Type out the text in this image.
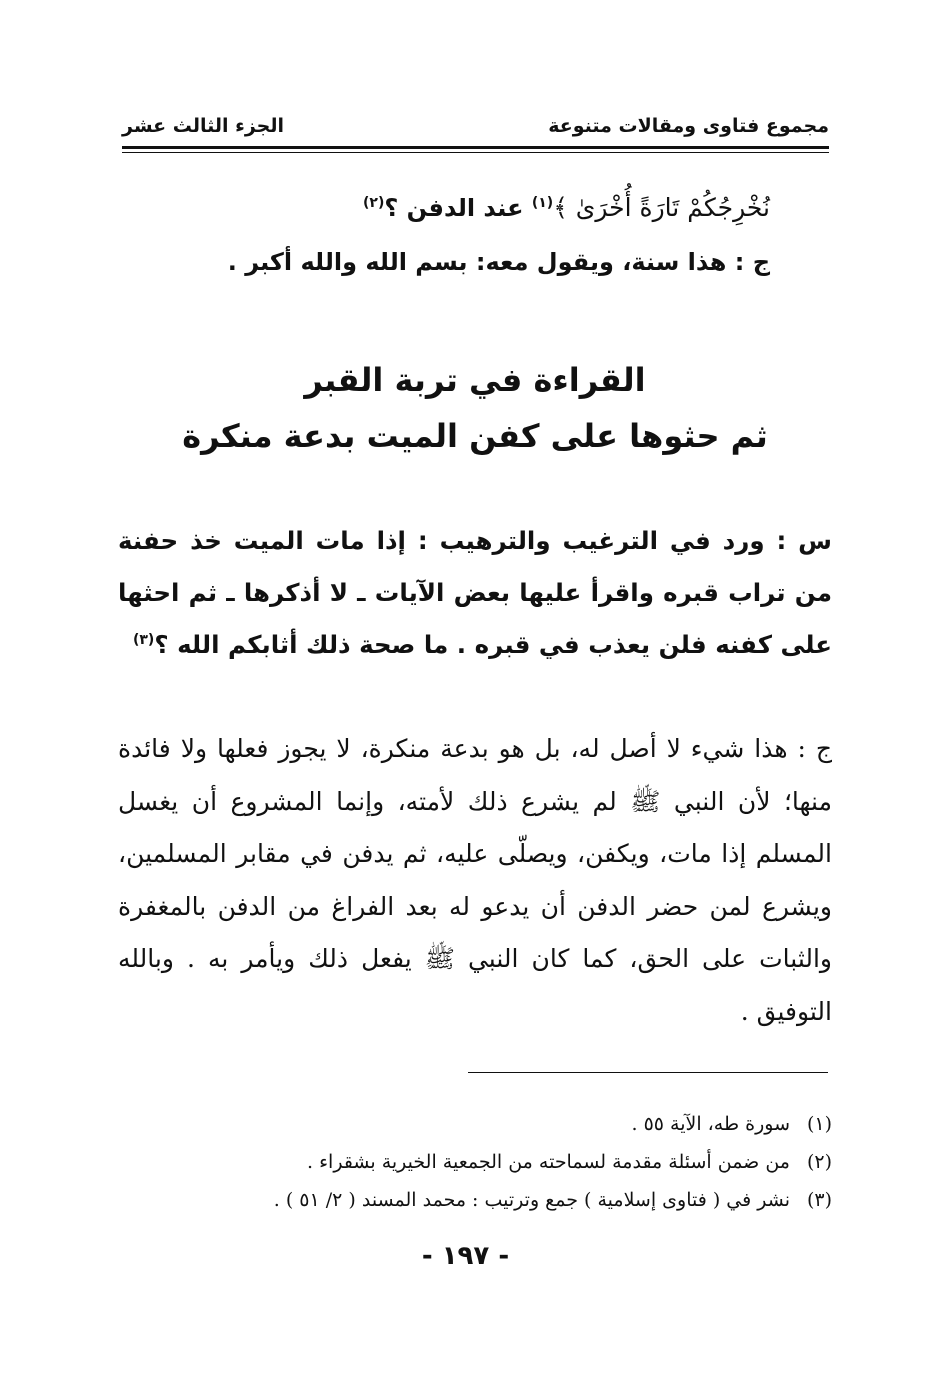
مجموع فتاوى ومقالات متنوعة
الجزء الثالث عشر

نُخْرِجُكُمْ تَارَةً أُخْرَىٰ ﴾$^{(١)}$ عند الدفن ؟$^{(٢)}$

ج : هذا سنة، ويقول معه: بسم الله والله أكبر .

القراءة في تربة القبر

ثم حثوها على كفن الميت بدعة منكرة

س : ورد في الترغيب والترهيب : إذا مات الميت خذ حفنة من تراب قبره واقرأ عليها بعض الآيات ـ لا أذكرها ـ ثم احثها على كفنه فلن يعذب في قبره . ما صحة ذلك أثابكم الله ؟$^{(٣)}$
ج : هذا شيء لا أصل له، بل هو بدعة منكرة، لا يجوز فعلها ولا فائدة منها؛ لأن النبي ﷺ لم يشرع ذلك لأمته، وإنما المشروع أن يغسل المسلم إذا مات، ويكفن، ويصلّى عليه، ثم يدفن في مقابر المسلمين، ويشرع لمن حضر الدفن أن يدعو له بعد الفراغ من الدفن بالمغفرة والثبات على الحق، كما كان النبي ﷺ يفعل ذلك ويأمر به . وبالله التوفيق .
(١)سورة طه، الآية ٥٥ .
(٢)من ضمن أسئلة مقدمة لسماحته من الجمعية الخيرية بشقراء .
(٣)نشر في ( فتاوى إسلامية ) جمع وترتيب : محمد المسند ( ٢/ ٥١ ) .
- ١٩٧ -
